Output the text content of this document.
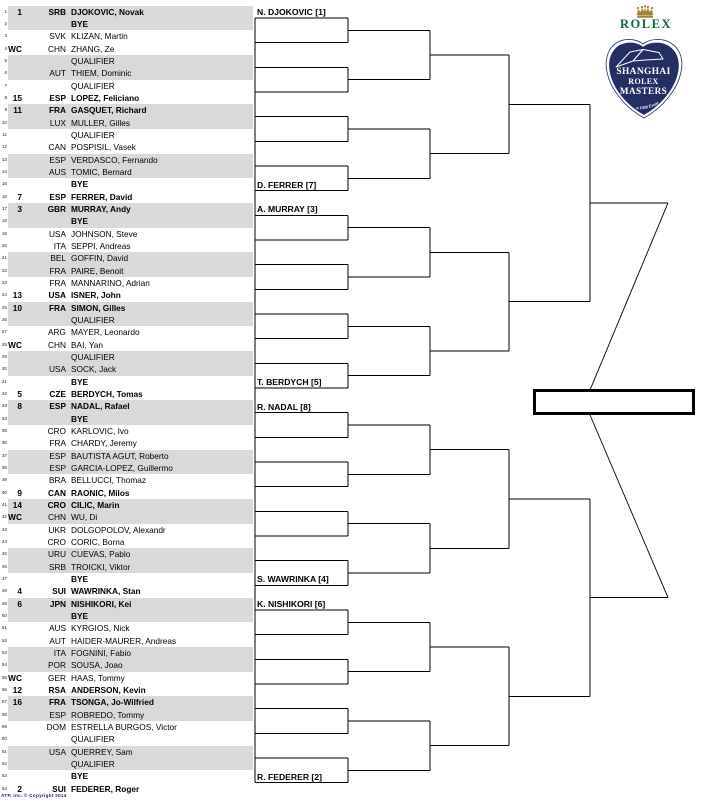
1	1	SRB DJOKOVIC, Novak
2	BYE
3	SVK KLIZAN, Martin
4 WC	CHN ZHANG, Ze
5	QUALIFIER
6	AUT THIEM, Dominic
7	QUALIFIER
8 15	ESP LOPEZ, Feliciano
9 11	FRA GASQUET, Richard
10	LUX MULLER, Gilles
11	QUALIFIER
12	CAN POSPISIL, Vasek
13	ESP VERDASCO, Fernando
14	AUS TOMIC, Bernard
15	BYE
16	7	ESP FERRER, David
17	3	GBR MURRAY, Andy
18	BYE
19	USA JOHNSON, Steve
20	ITA SEPPI, Andreas
21	BEL GOFFIN, David
22	FRA PAIRE, Benoit
23	FRA MANNARINO, Adrian
24 13	USA ISNER, John
25 10	FRA SIMON, Gilles
26	QUALIFIER
27	ARG MAYER, Leonardo
28 WC	CHN BAI, Yan
29	QUALIFIER
30	USA SOCK, Jack
31	BYE
32	5	CZE BERDYCH, Tomas
33	8	ESP NADAL, Rafael
34	BYE
35	CRO KARLOVIC, Ivo
36	FRA CHARDY, Jeremy
37	ESP BAUTISTA AGUT, Roberto
38	ESP GARCIA-LOPEZ, Guillermo
39	BRA BELLUCCI, Thomaz
40	9	CAN RAONIC, Milos
41 14	CRO CILIC, Marin
42 WC	CHN WU, Di
43	UKR DOLGOPOLOV, Alexandr
44	CRO CORIC, Borna
45	URU CUEVAS, Pablo
46	SRB TROICKI, Viktor
47	BYE
48	4	SUI WAWRINKA, Stan
49	6	JPN NISHIKORI, Kei
50	BYE
51	AUS KYRGIOS, Nick
52	AUT HAIDER-MAURER, Andreas
53	ITA FOGNINI, Fabio
54	POR SOUSA, Joao
55 WC	GER HAAS, Tommy
56 12	RSA ANDERSON, Kevin
57 16	FRA TSONGA, Jo-Wilfried
58	ESP ROBREDO, Tommy
59	DOM ESTRELLA BURGOS, Victor
60	QUALIFIER
61	USA QUERREY, Sam
62	QUALIFIER
63	BYE
64	2	SUI FEDERER, Roger
N. DJOKOVIC [1]
D. FERRER [7]
A. MURRAY [3]
T. BERDYCH [5]
R. NADAL [8]
S. WAWRINKA [4]
K. NISHIKORI [6]
R. FEDERER [2]
ROLEX
SHANGHAI
ROLEX
MASTERS
a 1000 Event
ATP, Inc. © Copyright 2014
